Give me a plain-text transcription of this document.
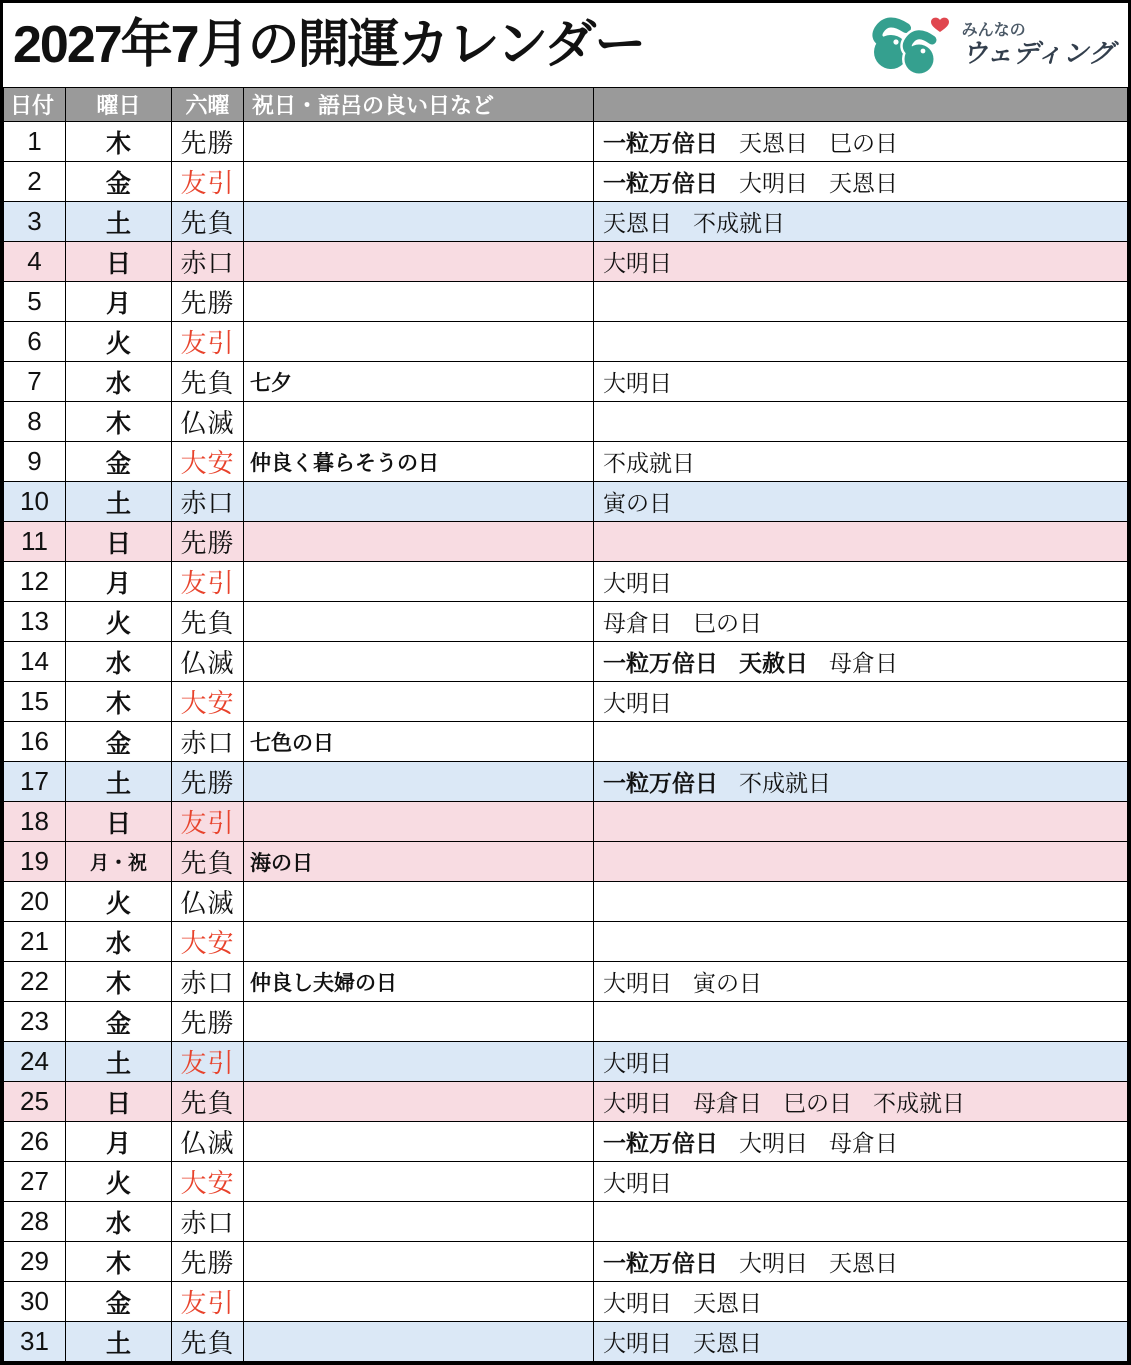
2027年7月の開運カレンダー	みんなの
ウェディング
日付	曜日	六曜	祝日・語呂の良い日など	
1	木	先勝		一粒万倍日 天恩日 巳の日
2	金	友引		一粒万倍日 大明日 天恩日
3	土	先負		天恩日 不成就日
4	日	赤口		大明日
5	月	先勝		
6	火	友引		
7	水	先負	七夕	大明日
8	木	仏滅		
9	金	大安	仲良く暮らそうの日	不成就日
10	土	赤口		寅の日
11	日	先勝		
12	月	友引		大明日
13	火	先負		母倉日 巳の日
14	水	仏滅		一粒万倍日 天赦日 母倉日
15	木	大安		大明日
16	金	赤口	七色の日	
17	土	先勝		一粒万倍日 不成就日
18	日	友引		
19	月・祝	先負	海の日	
20	火	仏滅		
21	水	大安		
22	木	赤口	仲良し夫婦の日	大明日 寅の日
23	金	先勝		
24	土	友引		大明日
25	日	先負		大明日 母倉日 巳の日 不成就日
26	月	仏滅		一粒万倍日 大明日 母倉日
27	火	大安		大明日
28	水	赤口		
29	木	先勝		一粒万倍日 大明日 天恩日
30	金	友引		大明日 天恩日
31	土	先負		大明日 天恩日
